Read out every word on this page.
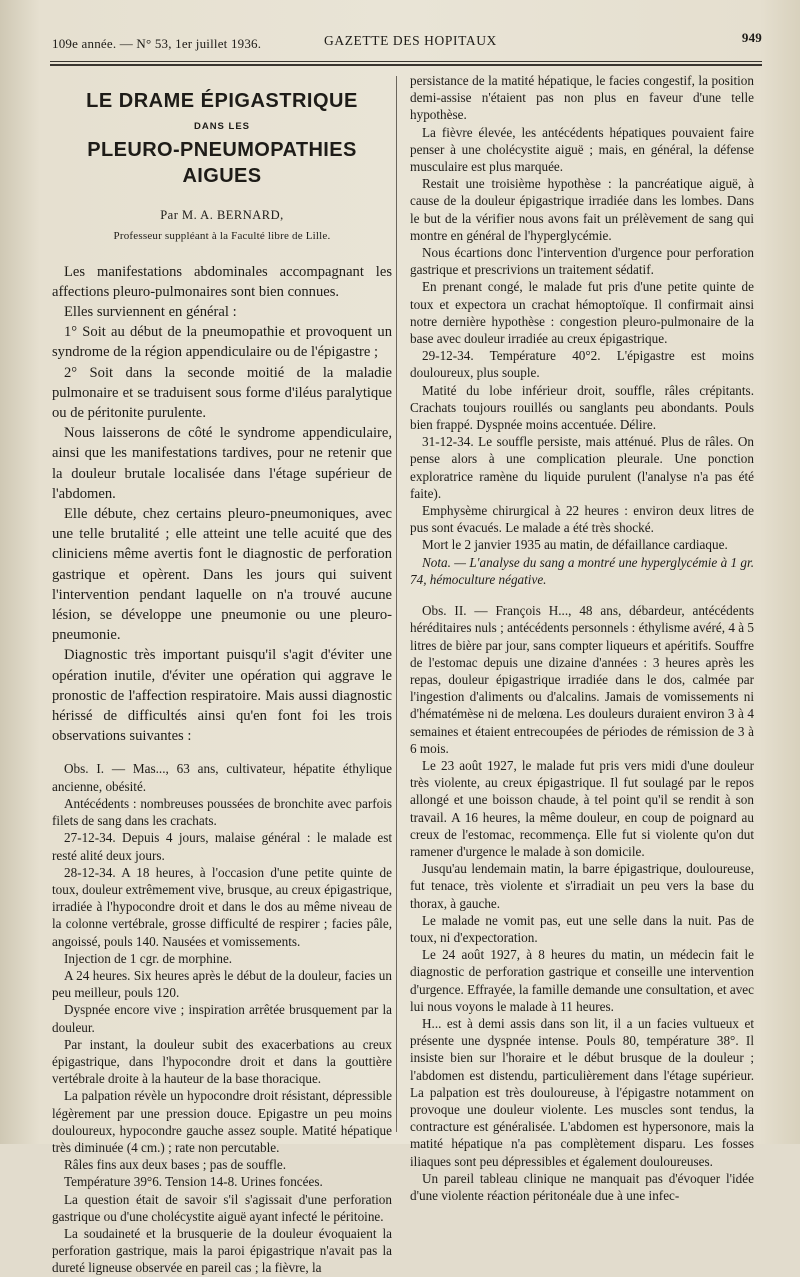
109e année. — N° 53, 1er juillet 1936.	GAZETTE DES HOPITAUX	949
LE DRAME ÉPIGASTRIQUE
DANS LES
PLEURO-PNEUMOPATHIES AIGUES
Par M. A. BERNARD,
Professeur suppléant à la Faculté libre de Lille.

Les manifestations abdominales accompagnant les affections pleuro-pulmonaires sont bien connues.

Elles surviennent en général :

1° Soit au début de la pneumopathie et provoquent un syndrome de la région appendiculaire ou de l'épigastre ;

2° Soit dans la seconde moitié de la maladie pulmonaire et se traduisent sous forme d'iléus paralytique ou de péritonite purulente.

Nous laisserons de côté le syndrome appendiculaire, ainsi que les manifestations tardives, pour ne retenir que la douleur brutale localisée dans l'étage supérieur de l'abdomen.

Elle débute, chez certains pleuro-pneumoniques, avec une telle brutalité ; elle atteint une telle acuité que des cliniciens même avertis font le diagnostic de perforation gastrique et opèrent. Dans les jours qui suivent l'intervention pendant laquelle on n'a trouvé aucune lésion, se développe une pneumonie ou une pleuro-pneumonie.

Diagnostic très important puisqu'il s'agit d'éviter une opération inutile, d'éviter une opération qui aggrave le pronostic de l'affection respiratoire. Mais aussi diagnostic hérissé de difficultés ainsi qu'en font foi les trois observations suivantes :

Obs. I. — Mas..., 63 ans, cultivateur, hépatite éthylique ancienne, obésité.

Antécédents : nombreuses poussées de bronchite avec parfois filets de sang dans les crachats.

27-12-34. Depuis 4 jours, malaise général : le malade est resté alité deux jours.

28-12-34. A 18 heures, à l'occasion d'une petite quinte de toux, douleur extrêmement vive, brusque, au creux épigastrique, irradiée à l'hypocondre droit et dans le dos au même niveau de la colonne vertébrale, grosse difficulté de respirer ; facies pâle, angoissé, pouls 140. Nausées et vomissements.

Injection de 1 cgr. de morphine.

A 24 heures. Six heures après le début de la douleur, facies un peu meilleur, pouls 120.

Dyspnée encore vive ; inspiration arrêtée brusquement par la douleur.

Par instant, la douleur subit des exacerbations au creux épigastrique, dans l'hypocondre droit et dans la gouttière vertébrale droite à la hauteur de la base thoracique.

La palpation révèle un hypocondre droit résistant, dépressible légèrement par une pression douce. Epigastre un peu moins douloureux, hypocondre gauche assez souple. Matité hépatique très diminuée (4 cm.) ; rate non percutable.

Râles fins aux deux bases ; pas de souffle.

Température 39°6. Tension 14-8. Urines foncées.

La question était de savoir s'il s'agissait d'une perforation gastrique ou d'une cholécystite aiguë ayant infecté le péritoine.

La soudaineté et la brusquerie de la douleur évoquaient la perforation gastrique, mais la paroi épigastrique n'avait pas la dureté ligneuse observée en pareil cas ; la fièvre, la

persistance de la matité hépatique, le facies congestif, la position demi-assise n'étaient pas non plus en faveur d'une telle hypothèse.

La fièvre élevée, les antécédents hépatiques pouvaient faire penser à une cholécystite aiguë ; mais, en général, la défense musculaire est plus marquée.

Restait une troisième hypothèse : la pancréatique aiguë, à cause de la douleur épigastrique irradiée dans les lombes. Dans le but de la vérifier nous avons fait un prélèvement de sang qui montre en général de l'hyperglycémie.

Nous écartions donc l'intervention d'urgence pour perforation gastrique et prescrivions un traitement sédatif.

En prenant congé, le malade fut pris d'une petite quinte de toux et expectora un crachat hémoptoïque. Il confirmait ainsi notre dernière hypothèse : congestion pleuro-pulmonaire de la base avec douleur irradiée au creux épigastrique.

29-12-34. Température 40°2. L'épigastre est moins douloureux, plus souple.

Matité du lobe inférieur droit, souffle, râles crépitants. Crachats toujours rouillés ou sanglants peu abondants. Pouls bien frappé. Dyspnée moins accentuée. Délire.

31-12-34. Le souffle persiste, mais atténué. Plus de râles. On pense alors à une complication pleurale. Une ponction exploratrice ramène du liquide purulent (l'analyse n'a pas été faite).

Emphysème chirurgical à 22 heures : environ deux litres de pus sont évacués. Le malade a été très shocké.

Mort le 2 janvier 1935 au matin, de défaillance cardiaque.

Nota. — L'analyse du sang a montré une hyperglycémie à 1 gr. 74, hémoculture négative.

Obs. II. — François H..., 48 ans, débardeur, antécédents héréditaires nuls ; antécédents personnels : éthylisme avéré, 4 à 5 litres de bière par jour, sans compter liqueurs et apéritifs. Souffre de l'estomac depuis une dizaine d'années : 3 heures après les repas, douleur épigastrique irradiée dans le dos, calmée par l'ingestion d'aliments ou d'alcalins. Jamais de vomissements ni d'hématémèse ni de melœna. Les douleurs duraient environ 3 à 4 semaines et étaient entrecoupées de périodes de rémission de 3 à 6 mois.

Le 23 août 1927, le malade fut pris vers midi d'une douleur très violente, au creux épigastrique. Il fut soulagé par le repos allongé et une boisson chaude, à tel point qu'il se rendit à son travail. A 16 heures, la même douleur, en coup de poignard au creux de l'estomac, recommença. Elle fut si violente qu'on dut ramener d'urgence le malade à son domicile.

Jusqu'au lendemain matin, la barre épigastrique, douloureuse, fut tenace, très violente et s'irradiait un peu vers la base du thorax, à gauche.

Le malade ne vomit pas, eut une selle dans la nuit. Pas de toux, ni d'expectoration.

Le 24 août 1927, à 8 heures du matin, un médecin fait le diagnostic de perforation gastrique et conseille une intervention d'urgence. Effrayée, la famille demande une consultation, et avec lui nous voyons le malade à 11 heures.

H... est à demi assis dans son lit, il a un facies vultueux et présente une dyspnée intense. Pouls 80, température 38°. Il insiste bien sur l'horaire et le début brusque de la douleur ; l'abdomen est distendu, particulièrement dans l'étage supérieur. La palpation est très douloureuse, à l'épigastre notamment on provoque une douleur violente. Les muscles sont tendus, la contracture est généralisée. L'abdomen est hypersonore, mais la matité hépatique n'a pas complètement disparu. Les fosses iliaques sont peu dépressibles et également douloureuses.

Un pareil tableau clinique ne manquait pas d'évoquer l'idée d'une violente réaction péritonéale due à une infec-
